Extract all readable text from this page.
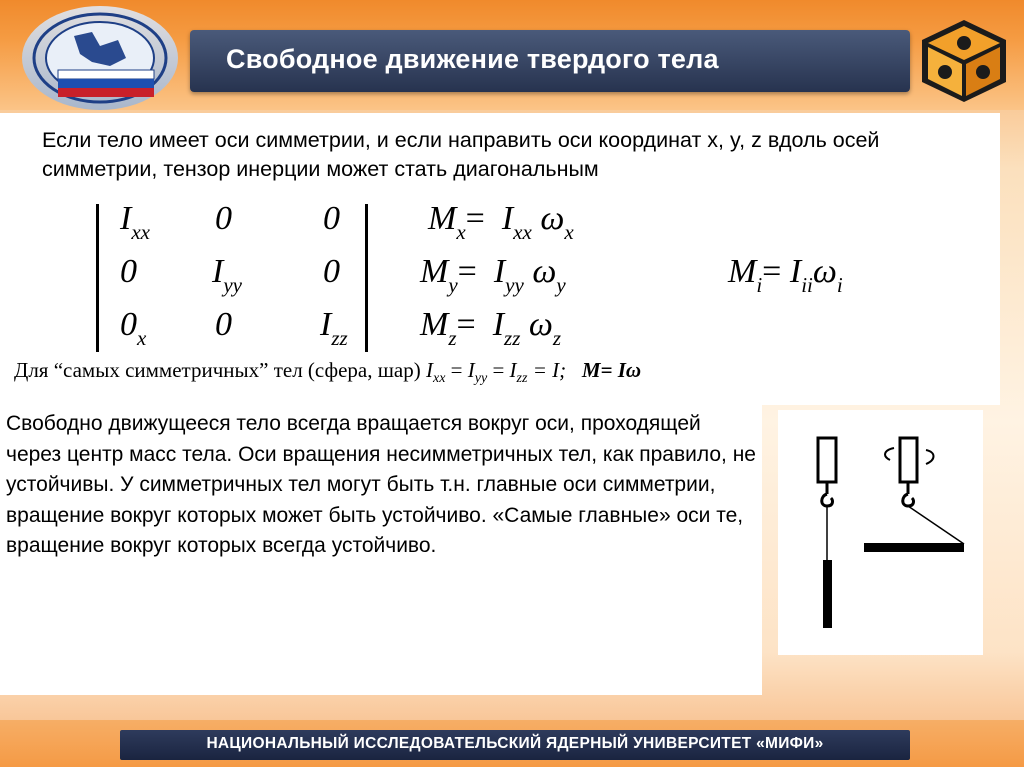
Свободное движение твердого тела

Если тело имеет оси симметрии, и если направить оси координат x, y, z вдоль осей симметрии, тензор инерции может стать диагональным

$I_{xx}$ 0	0
0 $I_{yy}$ 0
$0_x$ 0	$I_{zz}$
$M_x= I_{xx}$ $\omega_x$
$M_y= I_{yy}$ $\omega_y$
$M_z= I_{zz}$ $\omega_z$
$M_i= I_{ii}\omega_i$
Для “самых симметричных” тел (сфера, шар) $I_{xx} = I_{yy} = I_{zz} = I$;   M= Iω

Свободно движущееся тело всегда вращается вокруг оси, проходящей через центр масс тела. Оси вращения несимметричных тел, как правило, не устойчивы. У симметричных тел могут быть т.н. главные оси симметрии, вращение вокруг которых может быть устойчиво. «Самые главные» оси те, вращение вокруг которых всегда устойчиво.

НАЦИОНАЛЬНЫЙ ИССЛЕДОВАТЕЛЬСКИЙ ЯДЕРНЫЙ УНИВЕРСИТЕТ «МИФИ»
